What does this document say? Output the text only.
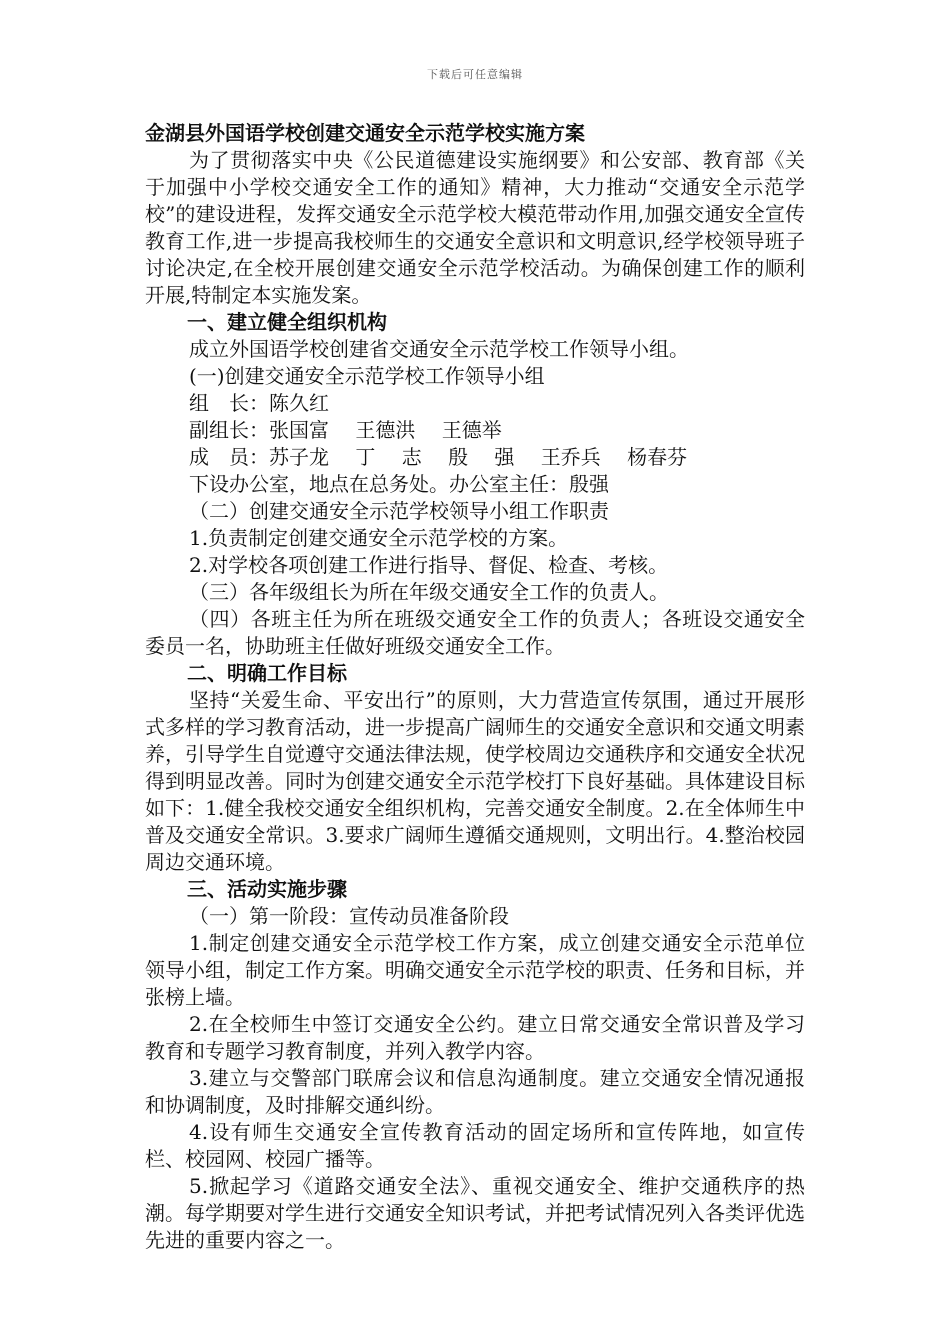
下载后可任意编辑

金湖县外国语学校创建交通安全示范学校实施方案

为了贯彻落实中央《公民道德建设实施纲要》和公安部、教育部《关于加强中小学校交通安全工作的通知》精神，大力推动“交通安全示范学校”的建设进程，发挥交通安全示范学校大模范带动作用,加强交通安全宣传教育工作,进一步提高我校师生的交通安全意识和文明意识,经学校领导班子讨论决定,在全校开展创建交通安全示范学校活动。为确保创建工作的顺利开展,特制定本实施发案。

一、建立健全组织机构

成立外国语学校创建省交通安全示范学校工作领导小组。

(一)创建交通安全示范学校工作领导小组

组　长：陈久红

副组长：张国富　 王德洪　 王德举

成　员：苏子龙　 丁　 志　 殷　 强　 王乔兵　 杨春芬

下设办公室，地点在总务处。办公室主任：殷强

（二）创建交通安全示范学校领导小组工作职责

1.负责制定创建交通安全示范学校的方案。

2.对学校各项创建工作进行指导、督促、检查、考核。

（三）各年级组长为所在年级交通安全工作的负责人。

（四）各班主任为所在班级交通安全工作的负责人；各班设交通安全委员一名，协助班主任做好班级交通安全工作。

二、明确工作目标

坚持“关爱生命、平安出行”的原则，大力营造宣传氛围，通过开展形式多样的学习教育活动，进一步提高广阔师生的交通安全意识和交通文明素养，引导学生自觉遵守交通法律法规，使学校周边交通秩序和交通安全状况得到明显改善。同时为创建交通安全示范学校打下良好基础。具体建设目标如下：1.健全我校交通安全组织机构，完善交通安全制度。2.在全体师生中普及交通安全常识。3.要求广阔师生遵循交通规则，文明出行。4.整治校园周边交通环境。

三、活动实施步骤

（一）第一阶段：宣传动员准备阶段

1.制定创建交通安全示范学校工作方案，成立创建交通安全示范单位领导小组，制定工作方案。明确交通安全示范学校的职责、任务和目标，并张榜上墙。

2.在全校师生中签订交通安全公约。建立日常交通安全常识普及学习教育和专题学习教育制度，并列入教学内容。

3.建立与交警部门联席会议和信息沟通制度。建立交通安全情况通报和协调制度，及时排解交通纠纷。

4.设有师生交通安全宣传教育活动的固定场所和宣传阵地，如宣传栏、校园网、校园广播等。

5.掀起学习《道路交通安全法》、重视交通安全、维护交通秩序的热潮。每学期要对学生进行交通安全知识考试，并把考试情况列入各类评优选先进的重要内容之一。
